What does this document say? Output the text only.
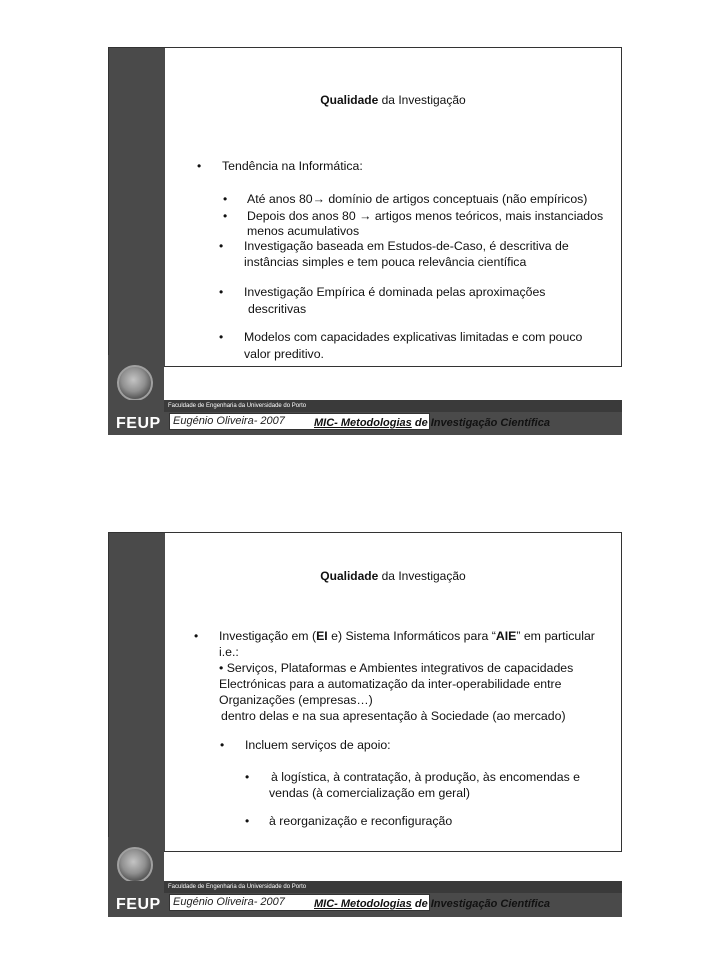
Qualidade da Investigação
• Tendência na Informática:
• Até anos 80→ domínio de artigos conceptuais (não empíricos)
• Depois dos anos 80 → artigos menos teóricos, mais instanciados
menos acumulativos
• Investigação baseada em Estudos-de-Caso, é descritiva de
instâncias simples e tem pouca relevância científica
• Investigação Empírica é dominada pelas aproximações
descritivas
• Modelos com capacidades explicativas limitadas e com pouco
valor preditivo.
Faculdade de Engenharia da Universidade do Porto
FEUP	Eugénio Oliveira- 2007	MIC- Metodologias de Investigação Científica
Qualidade da Investigação
• Investigação em (EI e) Sistema Informáticos para “AIE” em particular
i.e.:
• Serviços, Plataformas e Ambientes integrativos de capacidades
Electrónicas para a automatização da inter-operabilidade entre
Organizações (empresas…)
dentro delas e na sua apresentação à Sociedade (ao mercado)
• Incluem serviços de apoio:
• à logística, à contratação, à produção, às encomendas e
vendas (à comercialização em geral)
• à reorganização e reconfiguração
Faculdade de Engenharia da Universidade do Porto
FEUP	Eugénio Oliveira- 2007	MIC- Metodologias de Investigação Científica
